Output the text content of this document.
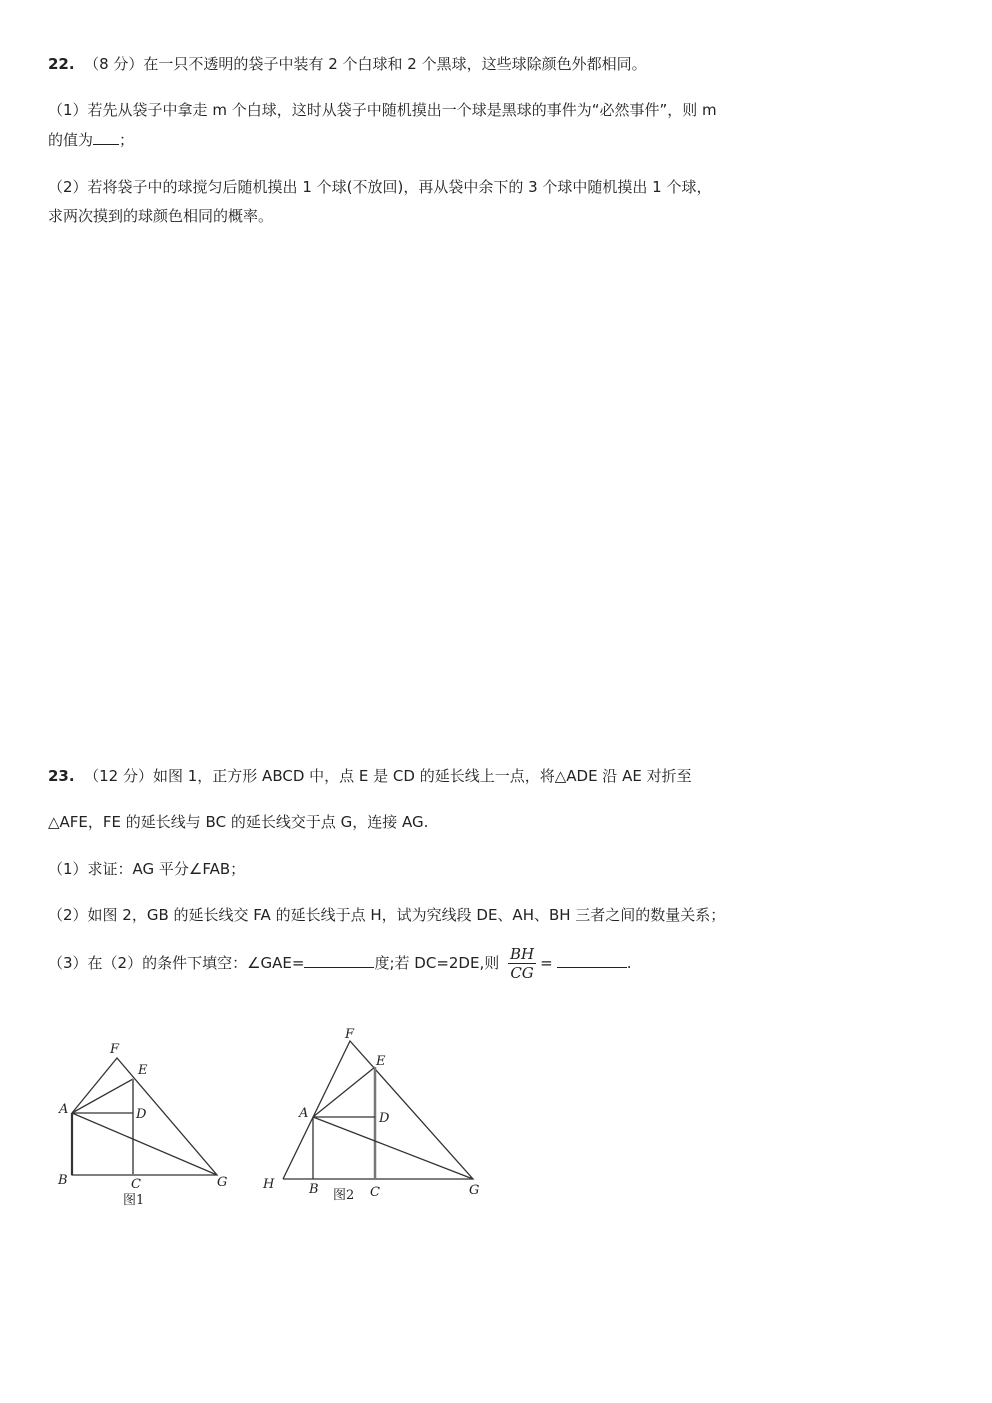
22. （8 分）在一只不透明的袋子中装有 2 个白球和 2 个黑球，这些球除颜色外都相同。
（1）若先从袋子中拿走 m 个白球，这时从袋子中随机摸出一个球是黑球的事件为“必然事件”，则 m
的值为 ；
（2）若将袋子中的球搅匀后随机摸出 1 个球(不放回)，再从袋中余下的 3 个球中随机摸出 1 个球，
求两次摸到的球颜色相同的概率。
23. （12 分）如图 1，正方形 ABCD 中，点 E 是 CD 的延长线上一点，将△ADE 沿 AE 对折至
△AFE，FE 的延长线与 BC 的延长线交于点 G，连接 AG.
（1）求证：AG 平分∠FAB；
（2）如图 2，GB 的延长线交 FA 的延长线于点 H，试为究线段 DE、AH、BH 三者之间的数量关系；
（3）在（2）的条件下填空：∠GAE=	度;若 DC=2DE,则 $\frac{BH}{CG}$ =	.
F
E
A	D
B	C	G
图1
F
E
A	D
H	B	C	G
图2
